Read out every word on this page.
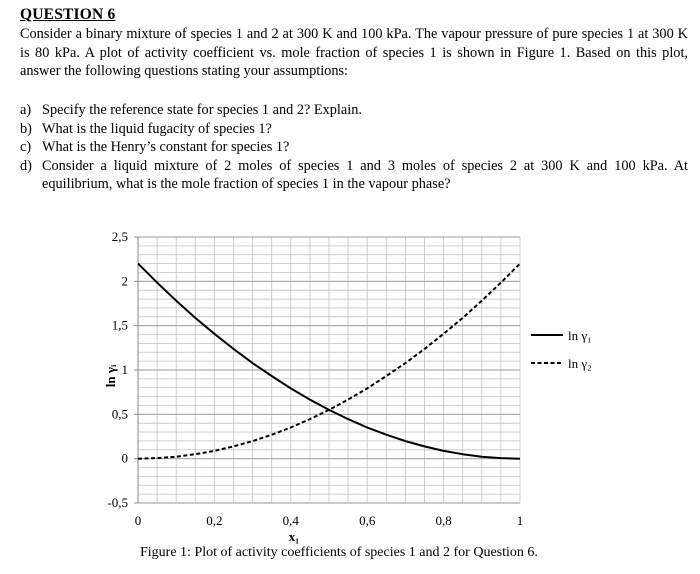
QUESTION 6
Consider a binary mixture of species 1 and 2 at 300 K and 100 kPa. The vapour pressure of pure species 1 at 300 K is 80 kPa. A plot of activity coefficient vs. mole fraction of species 1 is shown in Figure 1. Based on this plot, answer the following questions stating your assumptions:
a) Specify the reference state for species 1 and 2? Explain.
b) What is the liquid fugacity of species 1?
c) What is the Henry’s constant for species 1?
d) Consider a liquid mixture of 2 moles of species 1 and 3 moles of species 2 at 300 K and 100 kPa. At equilibrium, what is the mole fraction of species 1 in the vapour phase?
-0,5
0
0,5
1
1,5
2
2,5
0	0,2	0,4	0,6	0,8	1
x₁
ln γᵢ
ln γ₁
ln γ₂
Figure 1: Plot of activity coefficients of species 1 and 2 for Question 6.
